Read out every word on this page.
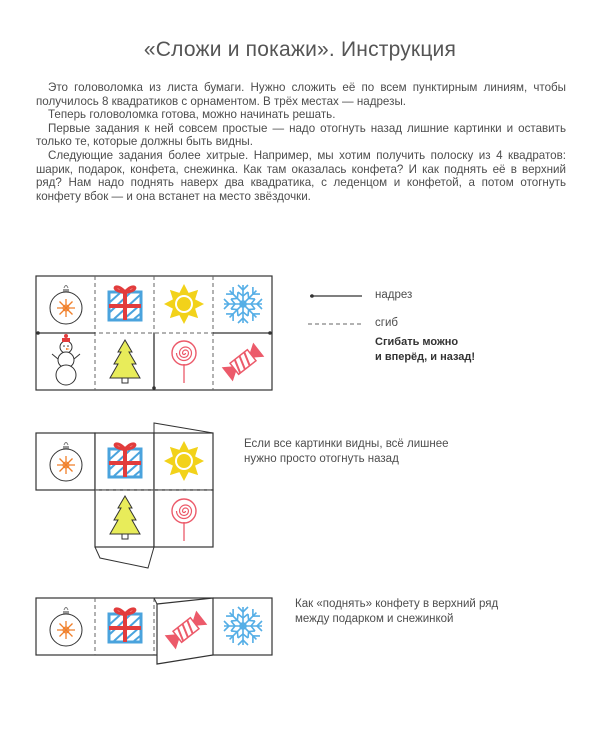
«Сложи и покажи». Инструкция

Это головоломка из листа бумаги. Нужно сложить её по всем пунктирным линиям, чтобы получилось 8 квадратиков с орнаментом. В трёх местах — надрезы.

Теперь головоломка готова, можно начинать решать.

Первые задания к ней совсем простые — надо отогнуть назад лишние картинки и оставить только те, которые должны быть видны.

Следующие задания более хитрые. Например, мы хотим получить полоску из 4 квадратов: шарик, подарок, конфета, снежинка. Как там оказалась конфета? И как поднять её в верхний ряд? Нам надо поднять наверх два квадратика, с леденцом и конфетой, а потом отогнуть конфету вбок — и она встанет на место звёздочки.

надрез
сгиб
Сгибать можно
и вперёд, и назад!
Если все картинки видны, всё лишнее
нужно просто отогнуть назад
Как «поднять» конфету в верхний ряд
между подарком и снежинкой
